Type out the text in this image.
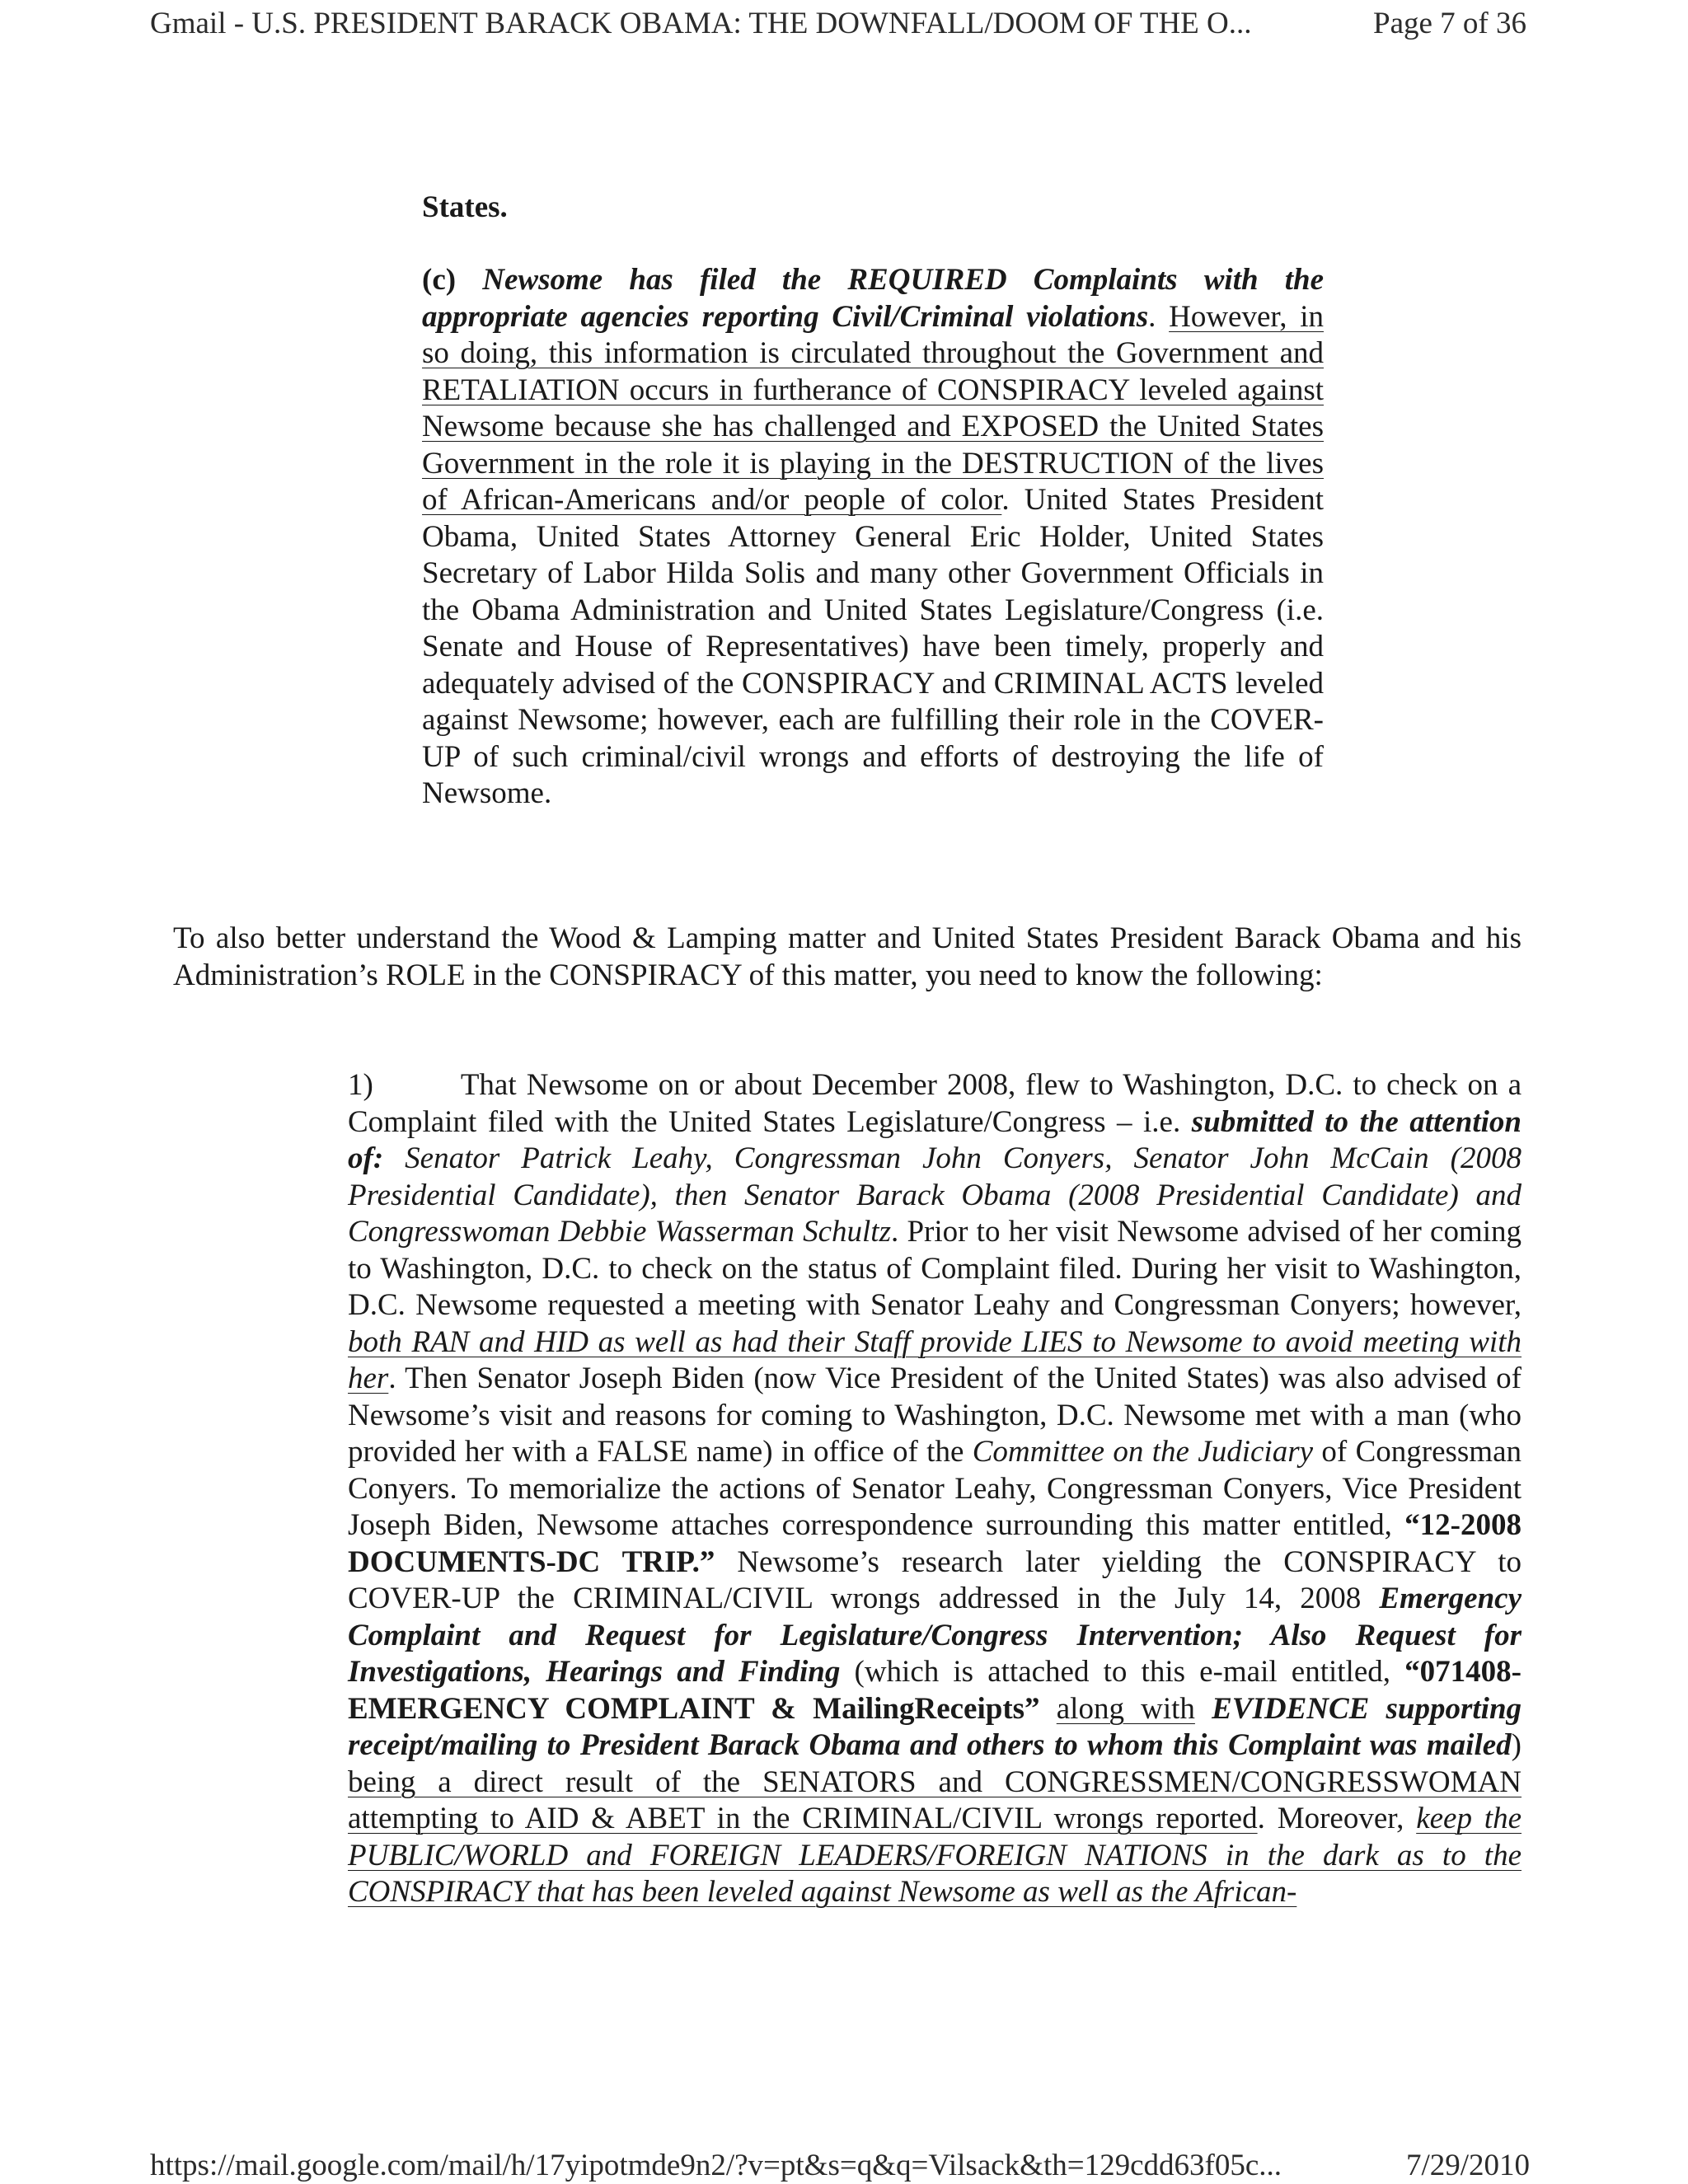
Gmail - U.S. PRESIDENT BARACK OBAMA: THE DOWNFALL/DOOM OF THE O...	Page 7 of 36
States.
(c) Newsome has filed the REQUIRED Complaints with the appropriate agencies reporting Civil/Criminal violations. However, in so doing, this information is circulated throughout the Government and RETALIATION occurs in furtherance of CONSPIRACY leveled against Newsome because she has challenged and EXPOSED the United States Government in the role it is playing in the DESTRUCTION of the lives of African-Americans and/or people of color. United States President Obama, United States Attorney General Eric Holder, United States Secretary of Labor Hilda Solis and many other Government Officials in the Obama Administration and United States Legislature/Congress (i.e. Senate and House of Representatives) have been timely, properly and adequately advised of the CONSPIRACY and CRIMINAL ACTS leveled against Newsome; however, each are fulfilling their role in the COVER-UP of such criminal/civil wrongs and efforts of destroying the life of Newsome.
To also better understand the Wood & Lamping matter and United States President Barack Obama and his Administration’s ROLE in the CONSPIRACY of this matter, you need to know the following:
1)	That Newsome on or about December 2008, flew to Washington, D.C. to check on a Complaint filed with the United States Legislature/Congress – i.e. submitted to the attention of: Senator Patrick Leahy, Congressman John Conyers, Senator John McCain (2008 Presidential Candidate), then Senator Barack Obama (2008 Presidential Candidate) and Congresswoman Debbie Wasserman Schultz. Prior to her visit Newsome advised of her coming to Washington, D.C. to check on the status of Complaint filed. During her visit to Washington, D.C. Newsome requested a meeting with Senator Leahy and Congressman Conyers; however, both RAN and HID as well as had their Staff provide LIES to Newsome to avoid meeting with her. Then Senator Joseph Biden (now Vice President of the United States) was also advised of Newsome’s visit and reasons for coming to Washington, D.C. Newsome met with a man (who provided her with a FALSE name) in office of the Committee on the Judiciary of Congressman Conyers. To memorialize the actions of Senator Leahy, Congressman Conyers, Vice President Joseph Biden, Newsome attaches correspondence surrounding this matter entitled, “12-2008 DOCUMENTS-DC TRIP.” Newsome’s research later yielding the CONSPIRACY to COVER-UP the CRIMINAL/CIVIL wrongs addressed in the July 14, 2008 Emergency Complaint and Request for Legislature/Congress Intervention; Also Request for Investigations, Hearings and Finding (which is attached to this e-mail entitled, “071408-EMERGENCY COMPLAINT & MailingReceipts” along with EVIDENCE supporting receipt/mailing to President Barack Obama and others to whom this Complaint was mailed) being a direct result of the SENATORS and CONGRESSMEN/CONGRESSWOMAN attempting to AID & ABET in the CRIMINAL/CIVIL wrongs reported. Moreover, keep the PUBLIC/WORLD and FOREIGN LEADERS/FOREIGN NATIONS in the dark as to the CONSPIRACY that has been leveled against Newsome as well as the African-
https://mail.google.com/mail/h/17yipotmde9n2/?v=pt&s=q&q=Vilsack&th=129cdd63f05c...	7/29/2010
